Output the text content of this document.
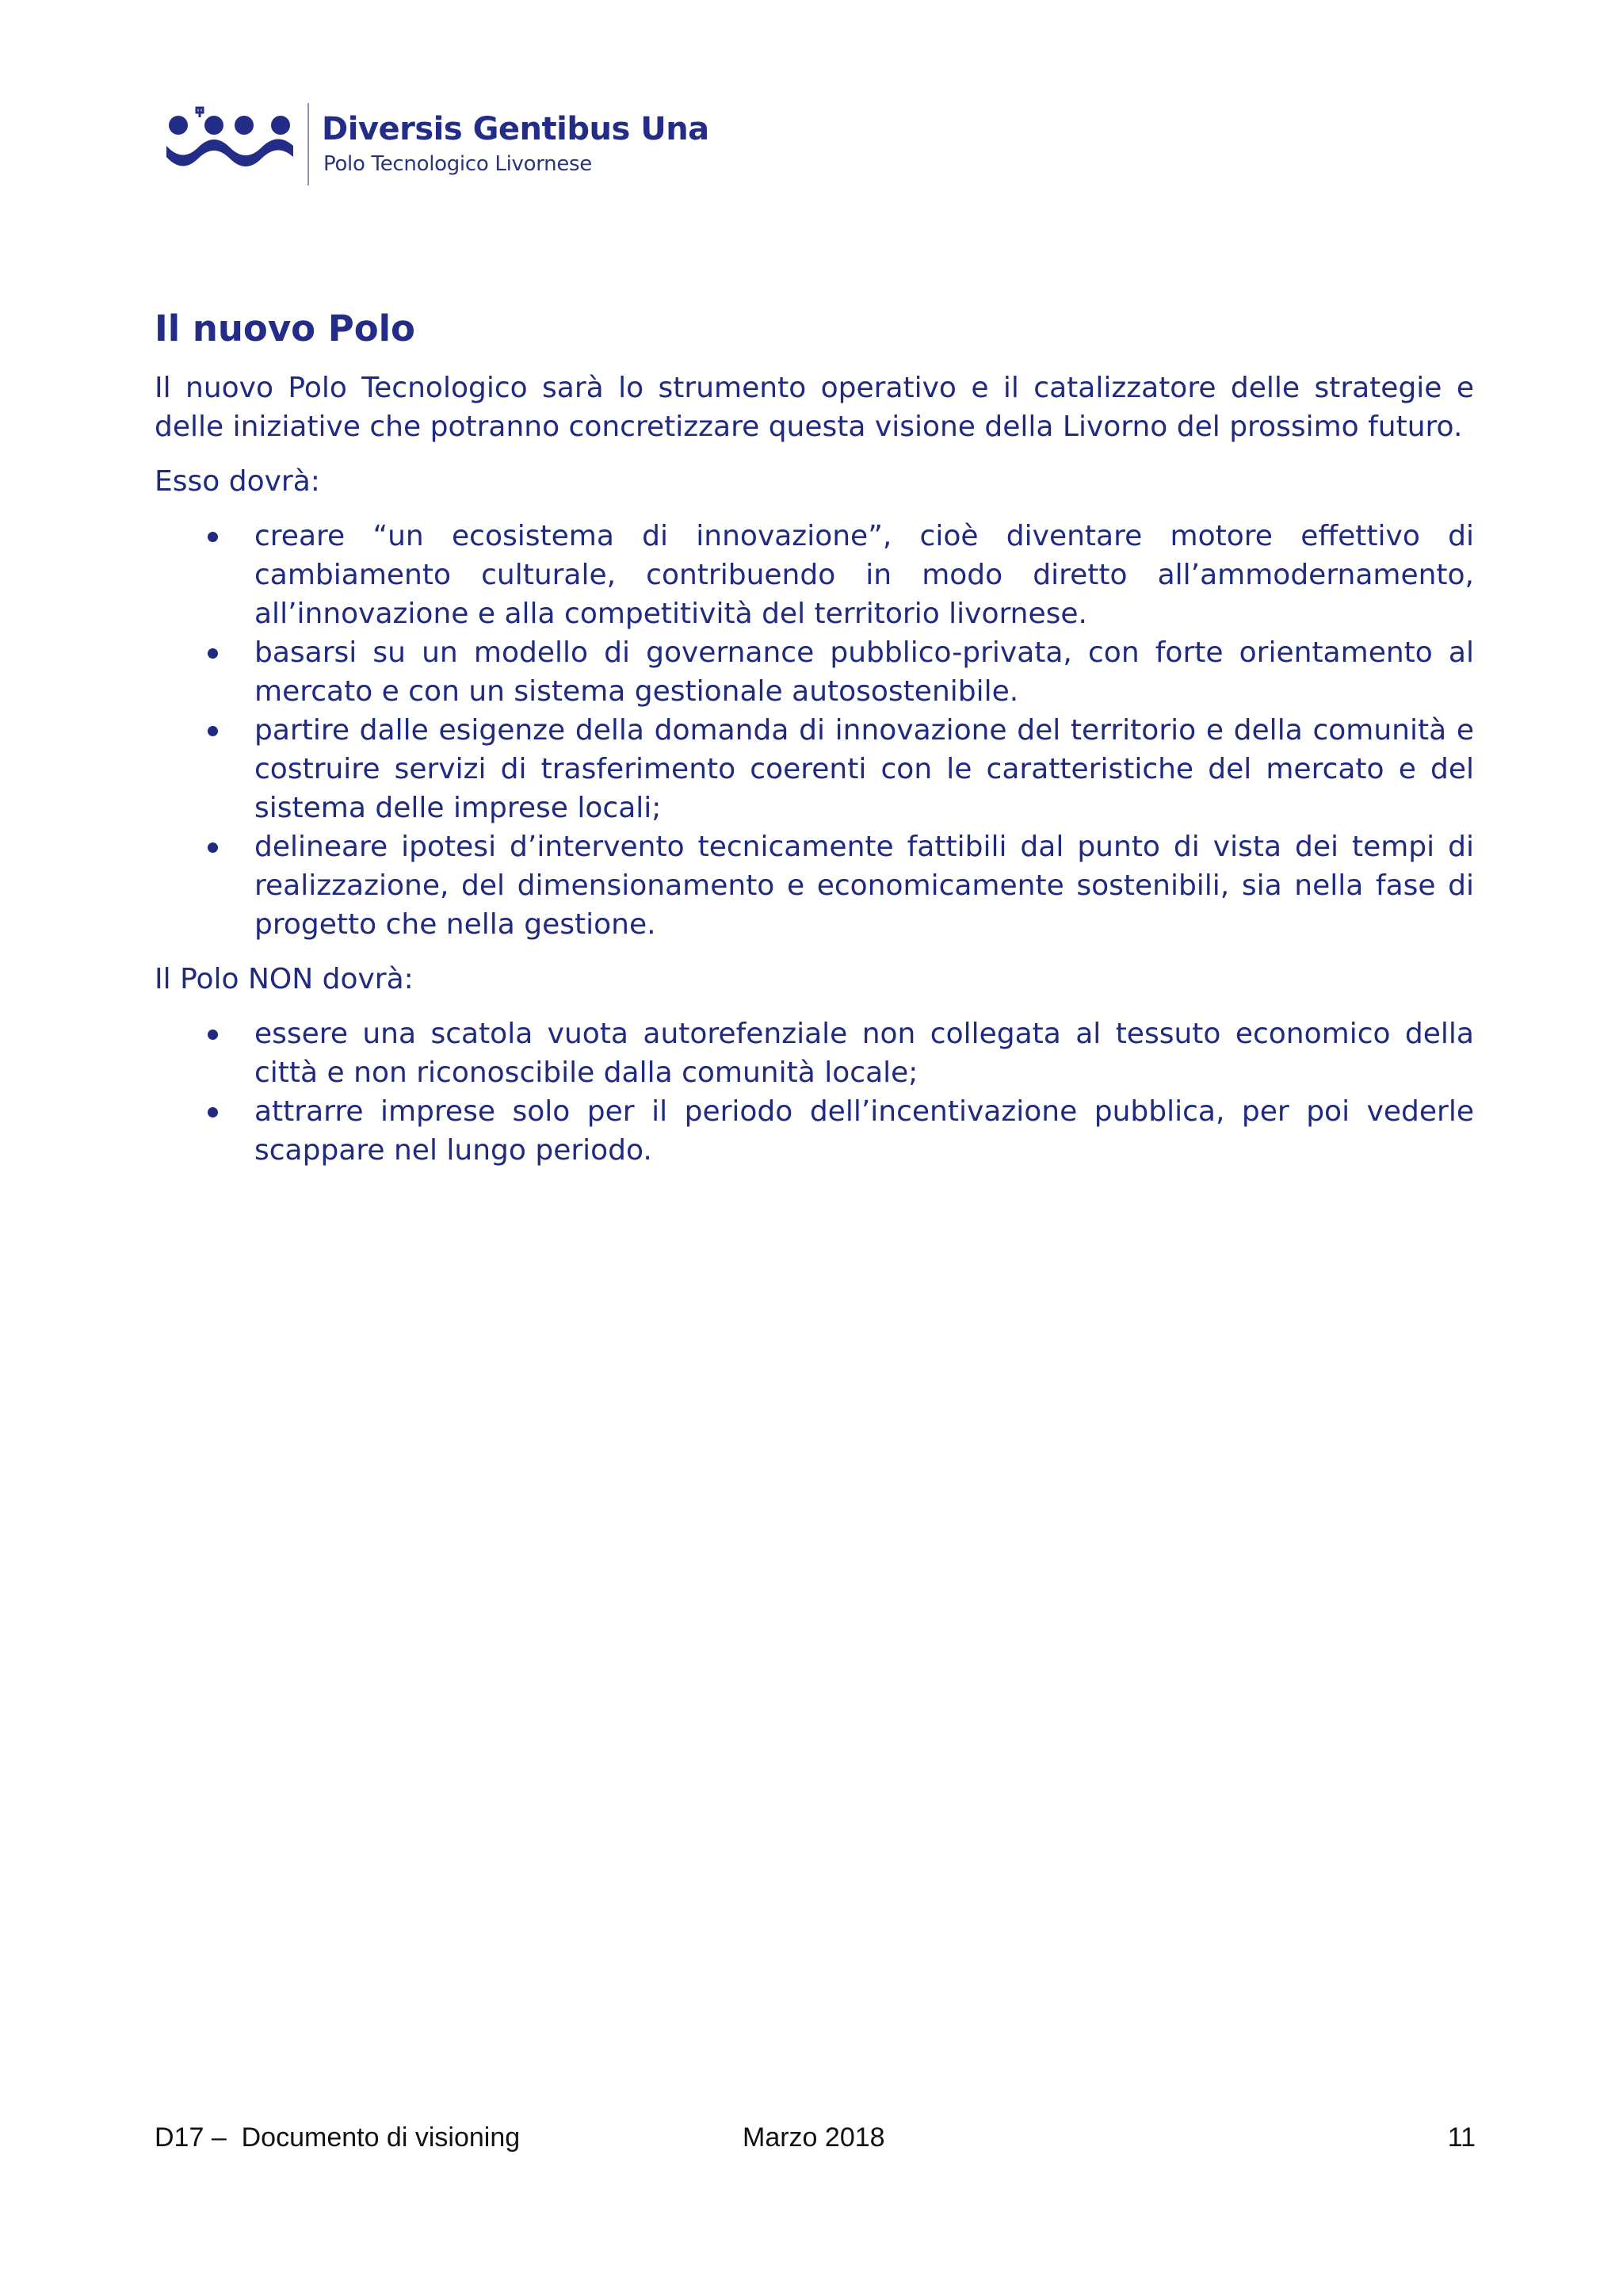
Diversis Gentibus Una
Polo Tecnologico Livornese
Il nuovo Polo

Il nuovo Polo Tecnologico sarà lo strumento operativo e il catalizzatore delle strategie e delle iniziative che potranno concretizzare questa visione della Livorno del prossimo futuro.

Esso dovrà:

creare “un ecosistema di innovazione”, cioè diventare motore effettivo di cambiamento culturale, contribuendo in modo diretto all’ammodernamento, all’innovazione e alla competitività del territorio livornese.
basarsi su un modello di governance pubblico-privata, con forte orientamento al mercato e con un sistema gestionale autosostenibile.
partire dalle esigenze della domanda di innovazione del territorio e della comunità e costruire servizi di trasferimento coerenti con le caratteristiche del mercato e del sistema delle imprese locali;
delineare ipotesi d’intervento tecnicamente fattibili dal punto di vista dei tempi di realizzazione, del dimensionamento e economicamente sostenibili, sia nella fase di progetto che nella gestione.

Il Polo NON dovrà:

essere una scatola vuota autorefenziale non collegata al tessuto economico della città e non riconoscibile dalla comunità locale;
attrarre imprese solo per il periodo dell’incentivazione pubblica, per poi vederle scappare nel lungo periodo.
D17 –  Documento di visioning	Marzo 2018	11
